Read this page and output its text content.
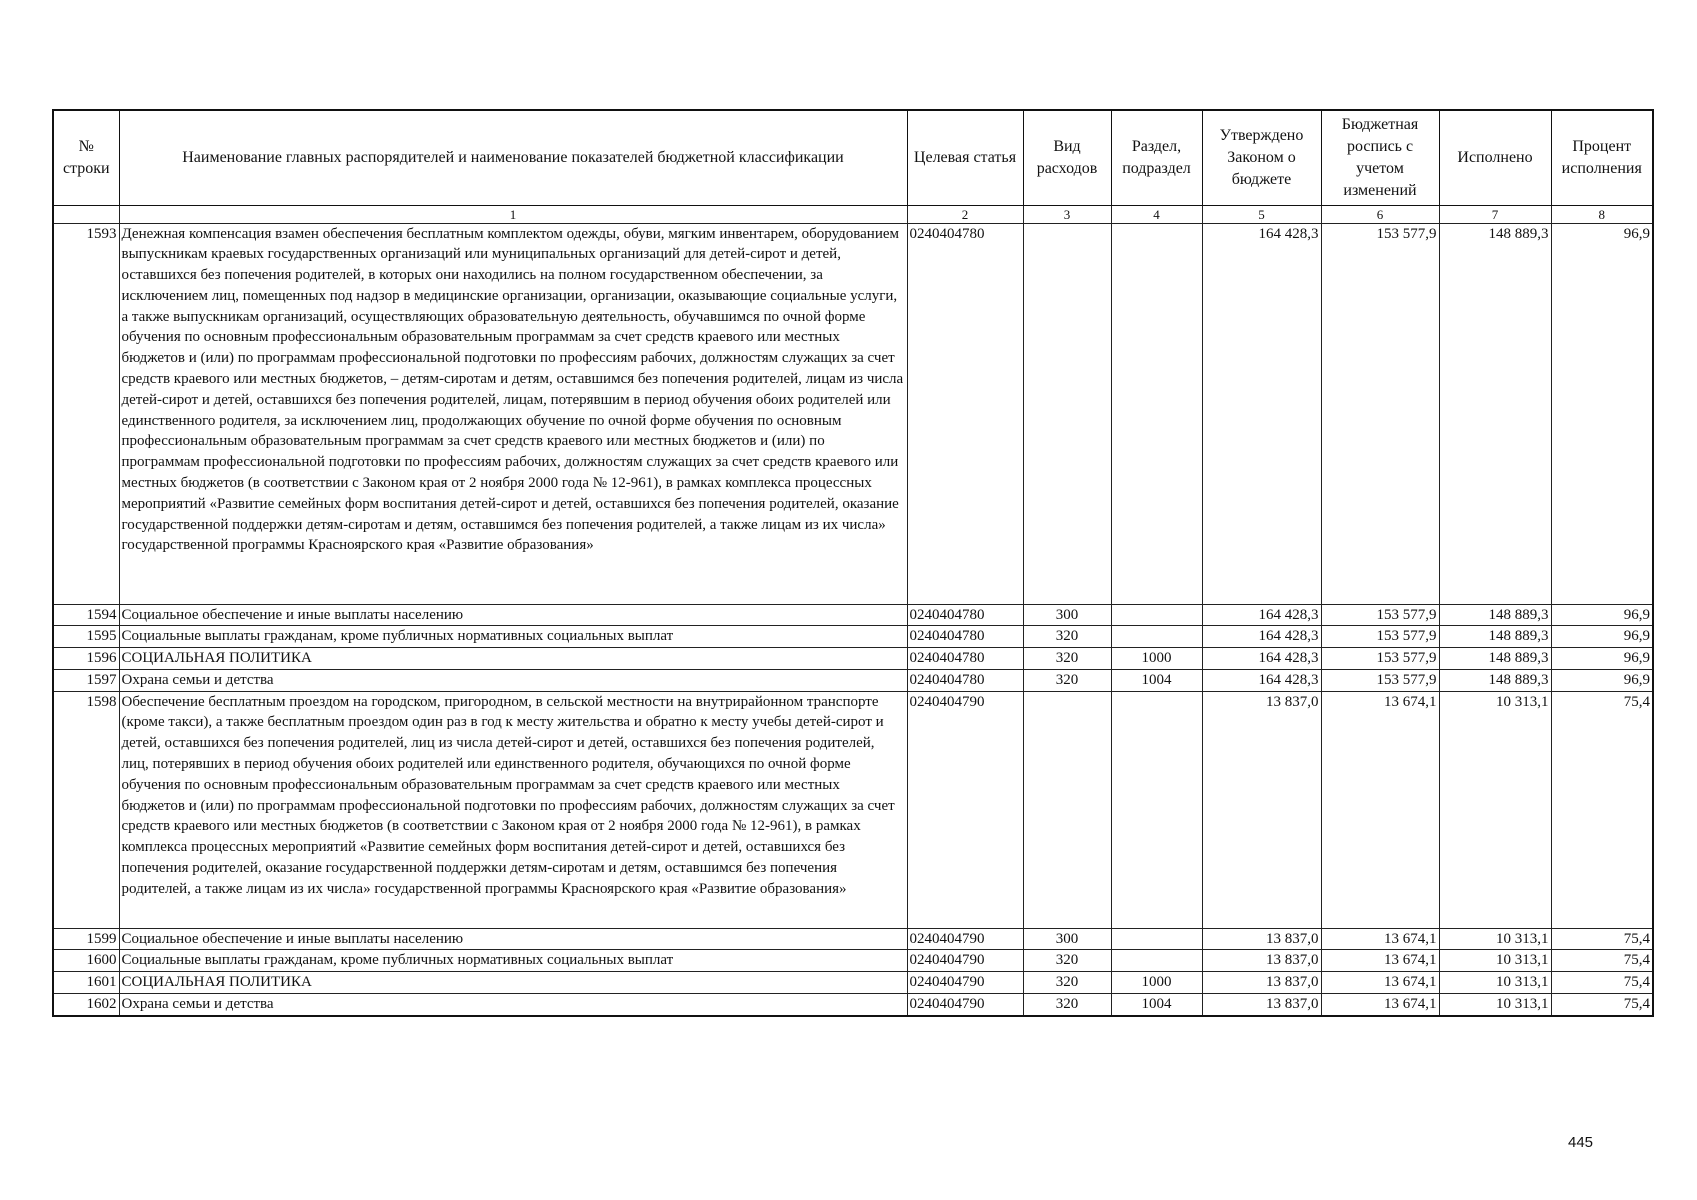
№ строки	Наименование главных распорядителей и наименование показателей бюджетной классификации	Целевая статья	Вид расходов	Раздел, подраздел	Утверждено Законом о бюджете	Бюджетная роспись с учетом изменений	Исполнено	Процент исполнения
	1	2	3	4	5	6	7	8
1593	Денежная компенсация взамен обеспечения бесплатным комплектом одежды, обуви, мягким инвентарем, оборудованием выпускникам краевых государственных организаций или муниципальных организаций для детей-сирот и детей, оставшихся без попечения родителей, в которых они находились на полном государственном обеспечении, за исключением лиц, помещенных под надзор в медицинские организации, организации, оказывающие социальные услуги, а также выпускникам организаций, осуществляющих образовательную деятельность, обучавшимся по очной форме обучения по основным профессиональным образовательным программам за счет средств краевого или местных бюджетов и (или) по программам профессиональной подготовки по профессиям рабочих, должностям служащих за счет средств краевого или местных бюджетов, – детям-сиротам и детям, оставшимся без попечения родителей, лицам из числа детей-сирот и детей, оставшихся без попечения родителей, лицам, потерявшим в период обучения обоих родителей или единственного родителя, за исключением лиц, продолжающих обучение по очной форме обучения по основным профессиональным образовательным программам за счет средств краевого или местных бюджетов и (или) по программам профессиональной подготовки по профессиям рабочих, должностям служащих за счет средств краевого или местных бюджетов (в соответствии с Законом края от 2 ноября 2000 года № 12-961), в рамках комплекса процессных мероприятий «Развитие семейных форм воспитания детей-сирот и детей, оставшихся без попечения родителей, оказание государственной поддержки детям-сиротам и детям, оставшимся без попечения родителей, а также лицам из их числа» государственной программы Красноярского края «Развитие образования»	0240404780			164 428,3	153 577,9	148 889,3	96,9
1594	Социальное обеспечение и иные выплаты населению	0240404780	300		164 428,3	153 577,9	148 889,3	96,9
1595	Социальные выплаты гражданам, кроме публичных нормативных социальных выплат	0240404780	320		164 428,3	153 577,9	148 889,3	96,9
1596	СОЦИАЛЬНАЯ ПОЛИТИКА	0240404780	320	1000	164 428,3	153 577,9	148 889,3	96,9
1597	Охрана семьи и детства	0240404780	320	1004	164 428,3	153 577,9	148 889,3	96,9
1598	Обеспечение бесплатным проездом на городском, пригородном, в сельской местности на внутрирайонном транспорте (кроме такси), а также бесплатным проездом один раз в год к месту жительства и обратно к месту учебы детей-сирот и детей, оставшихся без попечения родителей, лиц из числа детей-сирот и детей, оставшихся без попечения родителей, лиц, потерявших в период обучения обоих родителей или единственного родителя, обучающихся по очной форме обучения по основным профессиональным образовательным программам за счет средств краевого или местных бюджетов и (или) по программам профессиональной подготовки по профессиям рабочих, должностям служащих за счет средств краевого или местных бюджетов (в соответствии с Законом края от 2 ноября 2000 года № 12-961), в рамках комплекса процессных мероприятий «Развитие семейных форм воспитания детей-сирот и детей, оставшихся без попечения родителей, оказание государственной поддержки детям-сиротам и детям, оставшимся без попечения родителей, а также лицам из их числа» государственной программы Красноярского края «Развитие образования»	0240404790			13 837,0	13 674,1	10 313,1	75,4
1599	Социальное обеспечение и иные выплаты населению	0240404790	300		13 837,0	13 674,1	10 313,1	75,4
1600	Социальные выплаты гражданам, кроме публичных нормативных социальных выплат	0240404790	320		13 837,0	13 674,1	10 313,1	75,4
1601	СОЦИАЛЬНАЯ ПОЛИТИКА	0240404790	320	1000	13 837,0	13 674,1	10 313,1	75,4
1602	Охрана семьи и детства	0240404790	320	1004	13 837,0	13 674,1	10 313,1	75,4
445
